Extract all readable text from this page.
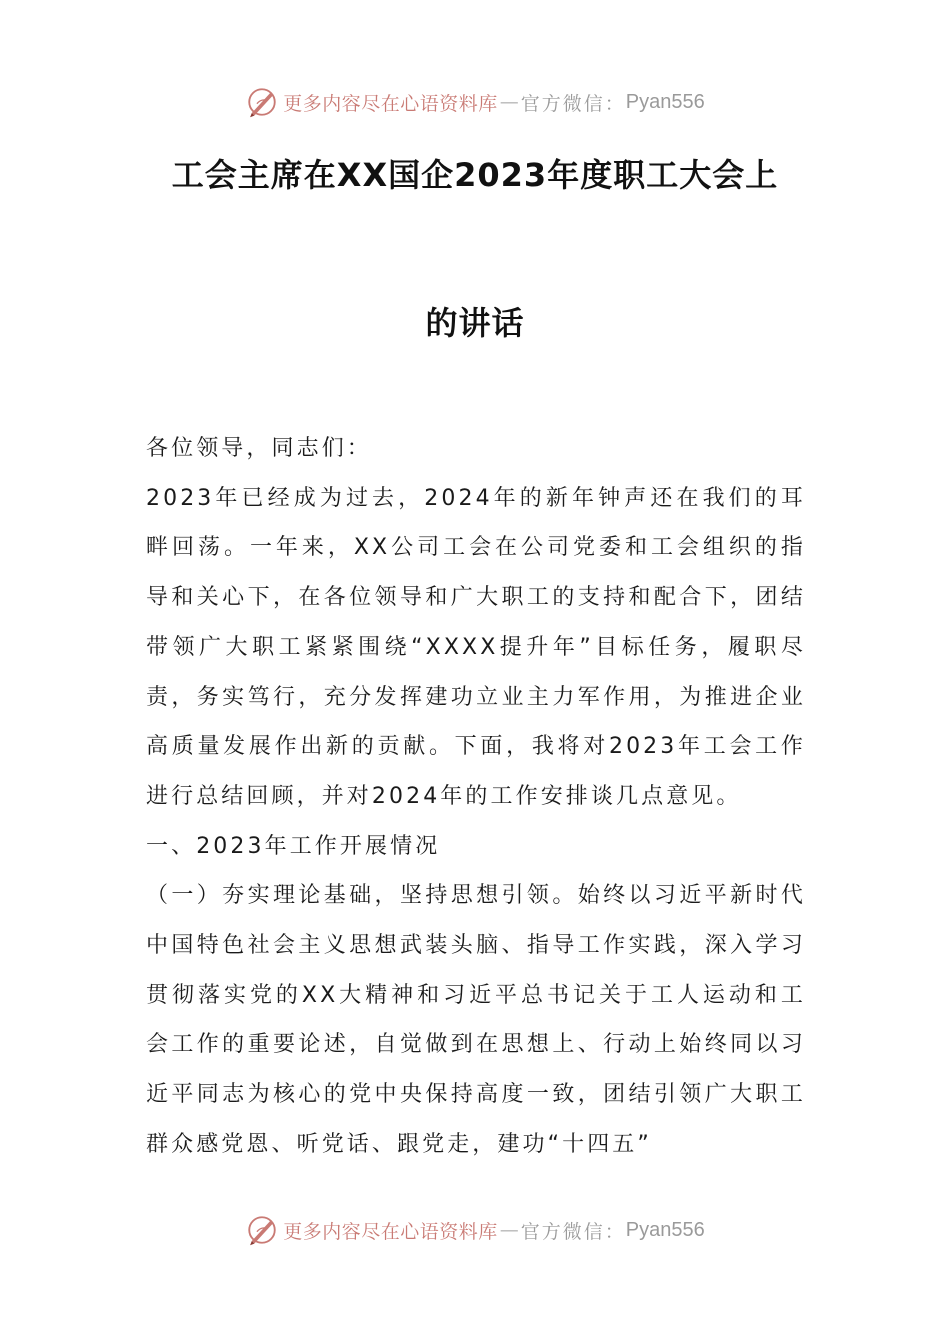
更多内容尽在心语资料库 — 官方微信： Pyan556
工会主席在XX国企2023年度职工大会上
的讲话

各位领导，同志们：

2023年已经成为过去，2024年的新年钟声还在我们的耳畔回荡。一年来，XX公司工会在公司党委和工会组织的指导和关心下，在各位领导和广大职工的支持和配合下，团结带领广大职工紧紧围绕“XXXX提升年”目标任务，履职尽责，务实笃行，充分发挥建功立业主力军作用，为推进企业高质量发展作出新的贡献。下面，我将对2023年工会工作进行总结回顾，并对2024年的工作安排谈几点意见。

一、2023年工作开展情况

（一）夯实理论基础，坚持思想引领。始终以习近平新时代中国特色社会主义思想武装头脑、指导工作实践，深入学习贯彻落实党的XX大精神和习近平总书记关于工人运动和工会工作的重要论述，自觉做到在思想上、行动上始终同以习近平同志为核心的党中央保持高度一致，团结引领广大职工群众感党恩、听党话、跟党走，建功“十四五”

更多内容尽在心语资料库 — 官方微信： Pyan556
